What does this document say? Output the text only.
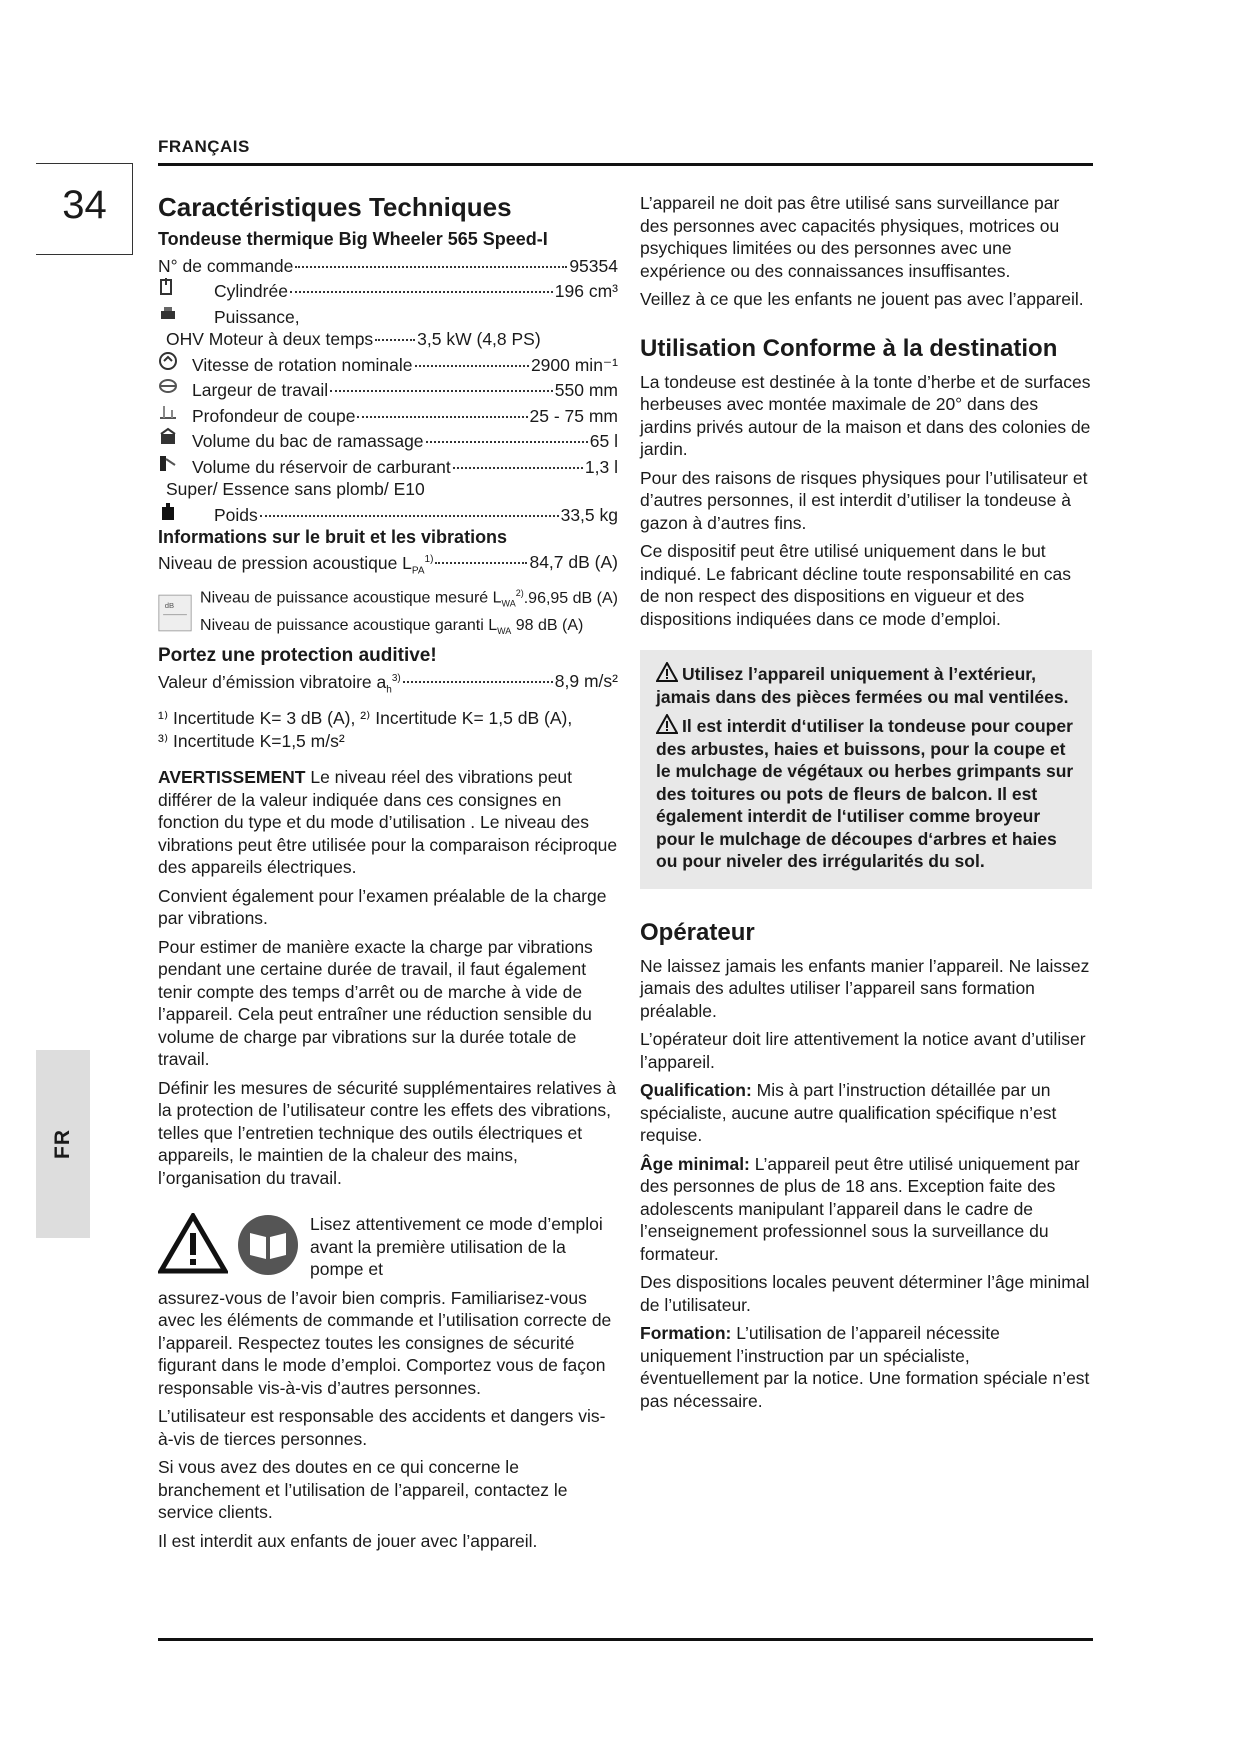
FRANÇAIS
34
FR
Caractéristiques Techniques
Tondeuse thermique Big Wheeler 565 Speed-I
N° de commande	95354
Cylindrée	196 cm³
Puissance,
OHV Moteur à deux temps	3,5 kW (4,8 PS)
Vitesse de rotation nominale	2900 min⁻¹
Largeur de travail	550 mm
Profondeur de coupe	25 - 75 mm
Volume du bac de ramassage	65 l
Volume du réservoir de carburant	1,3 l
Super/ Essence sans plomb/ E10
Poids	33,5 kg
Informations sur le bruit et les vibrations
Niveau de pression acoustique $L_{PA}^{1)}$	84,7 dB (A)
dB Niveau de puissance acoustique mesuré $L_{WA}^{2)}$ .96,95 dB (A)
Niveau de puissance acoustique garanti $L_{WA}$
98 dB (A)
Portez une protection auditive!
Valeur d’émission vibratoire $a_h^{3)}$	8,9 m/s²
¹⁾ Incertitude K= 3 dB (A), ²⁾ Incertitude K= 1,5 dB (A),
³⁾ Incertitude K=1,5 m/s²

AVERTISSEMENT Le niveau réel des vibrations peut différer de la valeur indiquée dans ces consignes en fonction du type et du mode d’utilisation . Le niveau des vibrations peut être utilisée pour la comparaison réciproque des appareils électriques.

Convient également pour l’examen préalable de la charge par vibrations.

Pour estimer de manière exacte la charge par vibrations pendant une certaine durée de travail, il faut également tenir compte des temps d’arrêt ou de marche à vide de l’appareil. Cela peut entraîner une réduction sensible du volume de charge par vibrations sur la durée totale de travail.

Définir les mesures de sécurité supplémentaires relatives à la protection de l’utilisateur contre les effets des vibrations, telles que l’entretien technique des outils électriques et appareils, le maintien de la chaleur des mains, l’organisation du travail.

Lisez attentivement ce mode d’emploi avant la première utilisation de la pompe et

assurez-vous de l’avoir bien compris. Familiarisez-vous avec les éléments de commande et l’utilisation correcte de l’appareil. Respectez toutes les consignes de sécurité figurant dans le mode d’emploi. Comportez vous de façon responsable vis-à-vis d’autres personnes.

L’utilisateur est responsable des accidents et dangers vis-à-vis de tierces personnes.

Si vous avez des doutes en ce qui concerne le branchement et l’utilisation de l’appareil, contactez le service clients.

Il est interdit aux enfants de jouer avec l’appareil.

L’appareil ne doit pas être utilisé sans surveillance par des personnes avec capacités physiques, motrices ou psychiques limitées ou des personnes avec une expérience ou des connaissances insuffisantes.

Veillez à ce que les enfants ne jouent pas avec l’appareil.

Utilisation Conforme à la destination

La tondeuse est destinée à la tonte d’herbe et de surfaces herbeuses avec montée maximale de 20° dans des jardins privés autour de la maison et dans des colonies de jardin.

Pour des raisons de risques physiques pour l’utilisateur et d’autres personnes, il est interdit d’utiliser la tondeuse à gazon à d’autres fins.

Ce dispositif peut être utilisé uniquement dans le but indiqué. Le fabricant décline toute responsabilité en cas de non respect des dispositions en vigueur et des dispositions indiquées dans ce mode d’emploi.

Utilisez l’appareil uniquement à l’extérieur, jamais dans des pièces fermées ou mal ventilées.

Il est interdit d‘utiliser la tondeuse pour couper des arbustes, haies et buissons, pour la coupe et le mulchage de végétaux ou herbes grimpants sur des toitures ou pots de fleurs de balcon. Il est également interdit de l‘utiliser comme broyeur pour le mulchage de découpes d‘arbres et haies ou pour niveler des irrégularités du sol.

Opérateur

Ne laissez jamais les enfants manier l’appareil. Ne laissez jamais des adultes utiliser l’appareil sans formation préalable.

L’opérateur doit lire attentivement la notice avant d’utiliser l’appareil.

Qualification: Mis à part l’instruction détaillée par un spécialiste, aucune autre qualification spécifique n’est requise.

Âge minimal: L’appareil peut être utilisé uniquement par des personnes de plus de 18 ans. Exception faite des adolescents manipulant l’appareil dans le cadre de l’enseignement professionnel sous la surveillance du formateur.

Des dispositions locales peuvent déterminer l’âge minimal de l’utilisateur.

Formation: L’utilisation de l’appareil nécessite uniquement l’instruction par un spécialiste, éventuellement par la notice. Une formation spéciale n’est pas nécessaire.
